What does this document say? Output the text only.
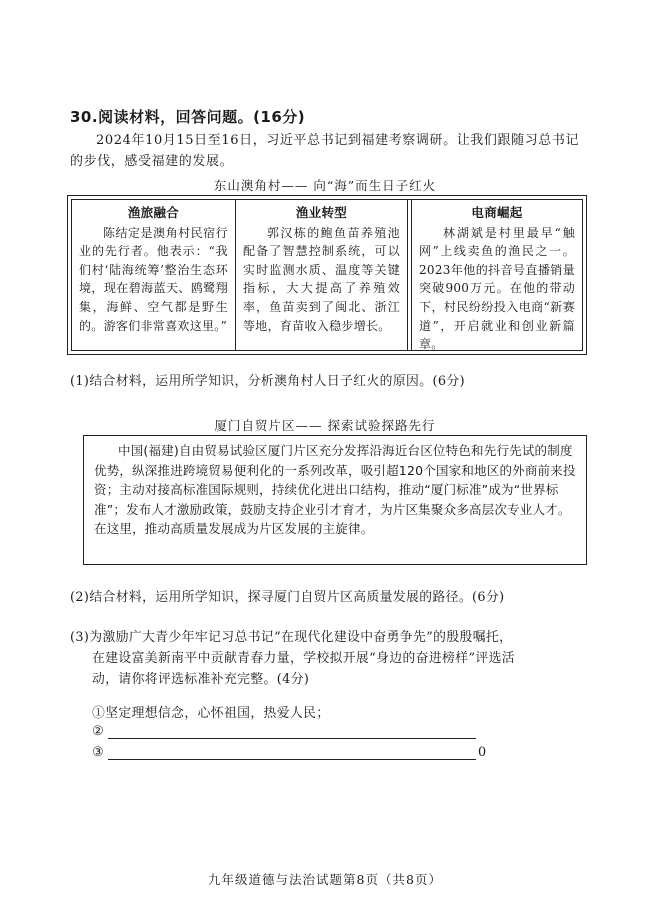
30.阅读材料，回答问题。(16分)
2024年10月15日至16日，习近平总书记到福建考察调研。让我们跟随习总书记的步伐，感受福建的发展。
东山澳角村—— 向“海”而生日子红火
渔旅融合

陈结定是澳角村民宿行业的先行者。他表示：“我们村‘陆海统筹’整治生态环境，现在碧海蓝天、鸥鹭翔集，海鲜、空气都是野生的。游客们非常喜欢这里。”

渔业转型

郭汉栋的鲍鱼苗养殖池配备了智慧控制系统，可以实时监测水质、温度等关键指标，大大提高了养殖效率，鱼苗卖到了闽北、浙江等地，育苗收入稳步增长。

电商崛起

林湖斌是村里最早“触网”上线卖鱼的渔民之一。2023年他的抖音号直播销量突破900万元。在他的带动下，村民纷纷投入电商“新赛道”，开启就业和创业新篇章。

(1)结合材料，运用所学知识，分析澳角村人日子红火的原因。(6分)
厦门自贸片区—— 探索试验探路先行

中国(福建)自由贸易试验区厦门片区充分发挥沿海近台区位特色和先行先试的制度优势，纵深推进跨境贸易便利化的一系列改革，吸引超120个国家和地区的外商前来投资；主动对接高标准国际规则，持续优化进出口结构，推动“厦门标准”成为“世界标准”；发布人才激励政策，鼓励支持企业引才育才，为片区集聚众多高层次专业人才。在这里，推动高质量发展成为片区发展的主旋律。

(2)结合材料，运用所学知识，探寻厦门自贸片区高质量发展的路径。(6分)
(3)为激励广大青少年牢记习总书记“在现代化建设中奋勇争先”的殷殷嘱托，
在建设富美新南平中贡献青春力量，学校拟开展“身边的奋进榜样”评选活
动，请你将评选标准补充完整。(4分)
①坚定理想信念，心怀祖国，热爱人民；
②
③	0
九年级道德与法治试题第8页（共8页）
